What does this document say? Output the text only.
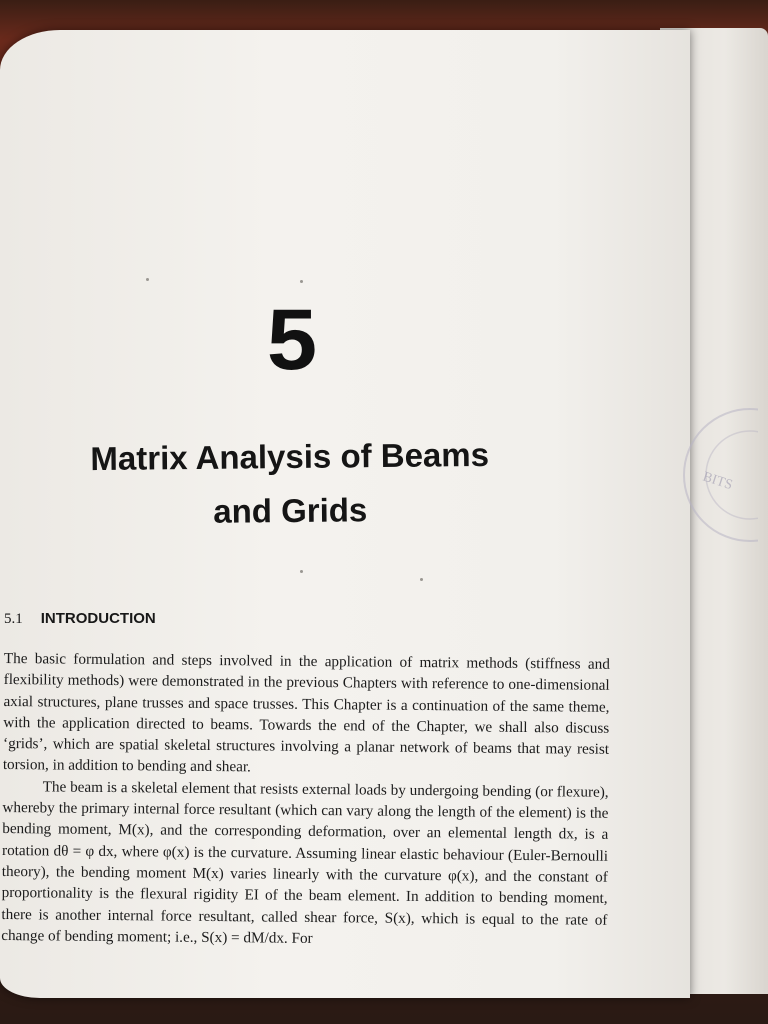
5
Matrix Analysis of Beams
and Grids
5.1 INTRODUCTION

The basic formulation and steps involved in the application of matrix methods (stiffness and flexibility methods) were demonstrated in the previous Chapters with reference to one-dimensional axial structures, plane trusses and space trusses. This Chapter is a continuation of the same theme, with the application directed to beams. Towards the end of the Chapter, we shall also discuss ‘grids’, which are spatial skeletal structures involving a planar network of beams that may resist torsion, in addition to bending and shear.

The beam is a skeletal element that resists external loads by undergoing bending (or flexure), whereby the primary internal force resultant (which can vary along the length of the element) is the bending moment, M(x), and the corresponding deformation, over an elemental length dx, is a rotation dθ = φ dx, where φ(x) is the curvature. Assuming linear elastic behaviour (Euler-Bernoulli theory), the bending moment M(x) varies linearly with the curvature φ(x), and the constant of proportionality is the flexural rigidity EI of the beam element. In addition to bending moment, there is another internal force resultant, called shear force, S(x), which is equal to the rate of change of bending moment; i.e., S(x) = dM/dx. For

BITS
